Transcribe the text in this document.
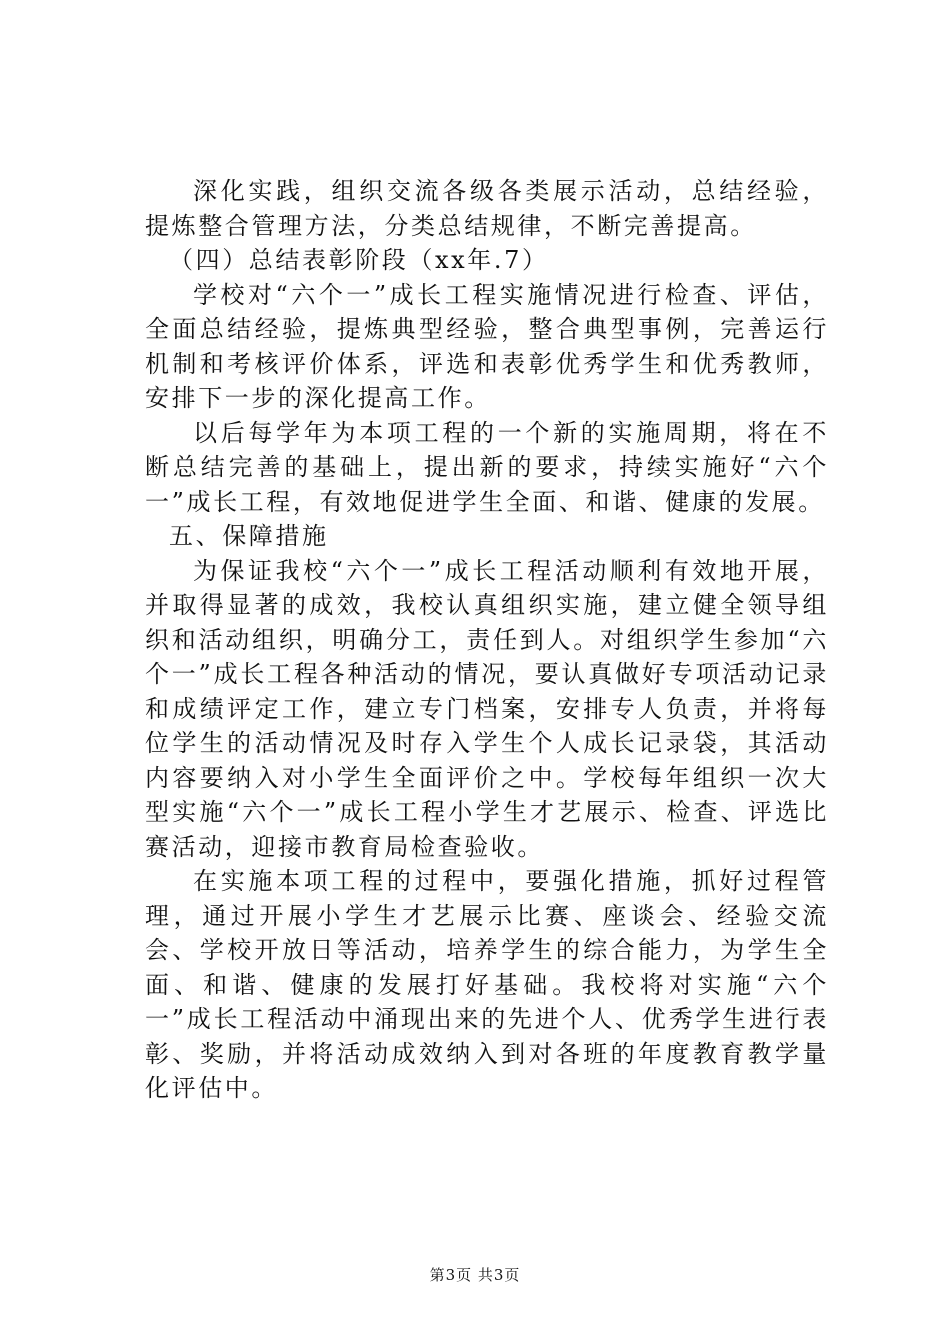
深化实践，组织交流各级各类展示活动，总结经验，提炼整合管理方法，分类总结规律，不断完善提高。

（四）总结表彰阶段（xx年.7）

学校对“六个一”成长工程实施情况进行检查、评估，全面总结经验，提炼典型经验，整合典型事例，完善运行机制和考核评价体系，评选和表彰优秀学生和优秀教师，安排下一步的深化提高工作。

以后每学年为本项工程的一个新的实施周期，将在不断总结完善的基础上，提出新的要求，持续实施好“六个一”成长工程，有效地促进学生全面、和谐、健康的发展。

五、保障措施

为保证我校“六个一”成长工程活动顺利有效地开展，并取得显著的成效，我校认真组织实施，建立健全领导组织和活动组织，明确分工，责任到人。对组织学生参加“六个一”成长工程各种活动的情况，要认真做好专项活动记录和成绩评定工作，建立专门档案，安排专人负责，并将每位学生的活动情况及时存入学生个人成长记录袋，其活动内容要纳入对小学生全面评价之中。学校每年组织一次大型实施“六个一”成长工程小学生才艺展示、检查、评选比赛活动，迎接市教育局检查验收。

在实施本项工程的过程中，要强化措施，抓好过程管理，通过开展小学生才艺展示比赛、座谈会、经验交流会、学校开放日等活动，培养学生的综合能力，为学生全面、和谐、健康的发展打好基础。我校将对实施“六个一”成长工程活动中涌现出来的先进个人、优秀学生进行表彰、奖励，并将活动成效纳入到对各班的年度教育教学量化评估中。

第3页 共3页
